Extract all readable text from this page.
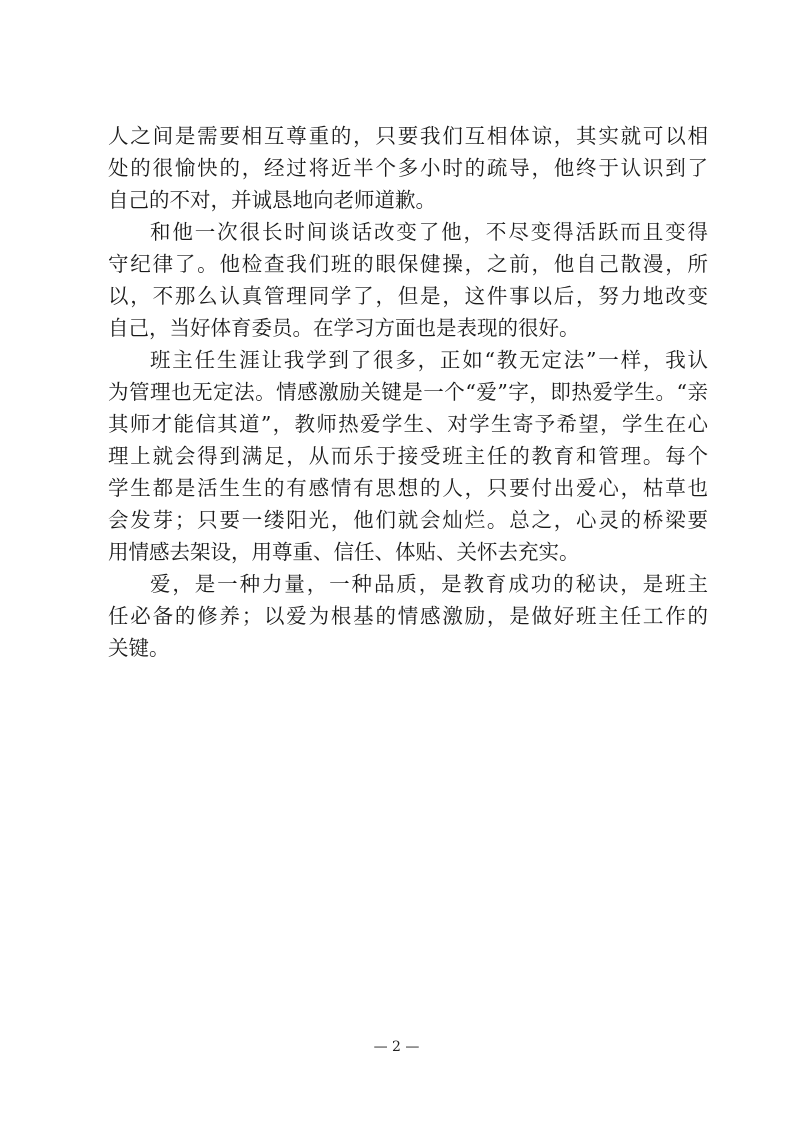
人之间是需要相互尊重的，只要我们互相体谅，其实就可以相
处的很愉快的，经过将近半个多小时的疏导，他终于认识到了
自己的不对，并诚恳地向老师道歉。
和他一次很长时间谈话改变了他，不尽变得活跃而且变得
守纪律了。他检查我们班的眼保健操，之前，他自己散漫，所
以，不那么认真管理同学了，但是，这件事以后，努力地改变
自己，当好体育委员。在学习方面也是表现的很好。
班主任生涯让我学到了很多，正如“教无定法”一样，我认
为管理也无定法。情感激励关键是一个“爱”字，即热爱学生。“亲
其师才能信其道”，教师热爱学生、对学生寄予希望，学生在心
理上就会得到满足，从而乐于接受班主任的教育和管理。每个
学生都是活生生的有感情有思想的人，只要付出爱心，枯草也
会发芽；只要一缕阳光，他们就会灿烂。总之，心灵的桥梁要
用情感去架设，用尊重、信任、体贴、关怀去充实。
爱，是一种力量，一种品质，是教育成功的秘诀，是班主
任必备的修养；以爱为根基的情感激励，是做好班主任工作的
关键。
— 2 —
